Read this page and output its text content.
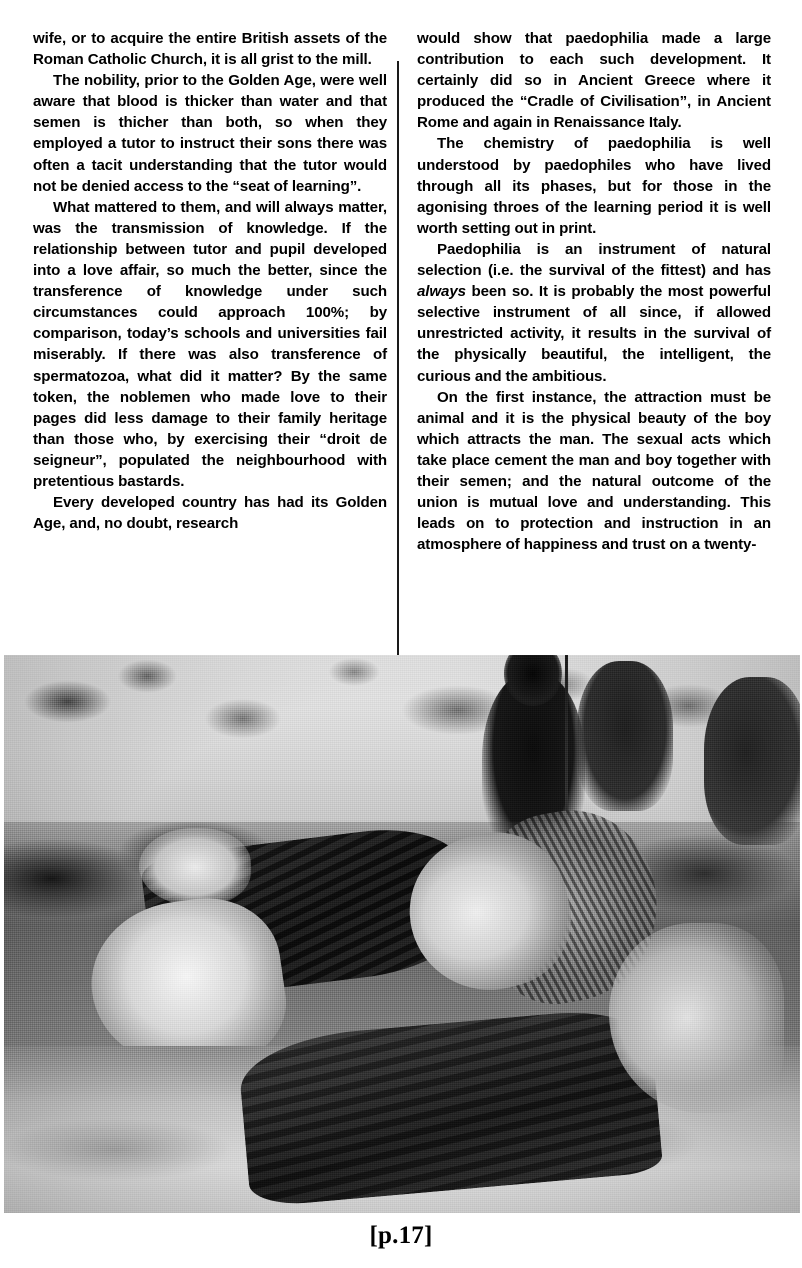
wife, or to acquire the entire British assets of the Roman Catholic Church, it is all grist to the mill.

The nobility, prior to the Golden Age, were well aware that blood is thicker than water and that semen is thicher than both, so when they employed a tutor to instruct their sons there was often a tacit understanding that the tutor would not be denied access to the “seat of learning”.

What mattered to them, and will always matter, was the transmission of knowledge. If the relationship between tutor and pupil developed into a love affair, so much the better, since the transference of knowledge under such circumstances could approach 100%; by comparison, today’s schools and universities fail miserably. If there was also transference of spermatozoa, what did it matter? By the same token, the noblemen who made love to their pages did less damage to their family heritage than those who, by exercising their “droit de seigneur”, populated the neighbourhood with pretentious bastards.

Every developed country has had its Golden Age, and, no doubt, research

would show that paedophilia made a large contribution to each such development. It certainly did so in Ancient Greece where it produced the “Cradle of Civilisation”, in Ancient Rome and again in Renaissance Italy.

The chemistry of paedophilia is well understood by paedophiles who have lived through all its phases, but for those in the agonising throes of the learning period it is well worth setting out in print.

Paedophilia is an instrument of natural selection (i.e. the survival of the fittest) and has always been so. It is probably the most powerful selective instrument of all since, if allowed unrestricted activity, it results in the survival of the physically beautiful, the intelligent, the curious and the ambitious.

On the first instance, the attraction must be animal and it is the physical beauty of the boy which attracts the man. The sexual acts which take place cement the man and boy together with their semen; and the natural outcome of the union is mutual love and understanding. This leads on to protection and instruction in an atmosphere of happiness and trust on a twenty-

[p.17]
